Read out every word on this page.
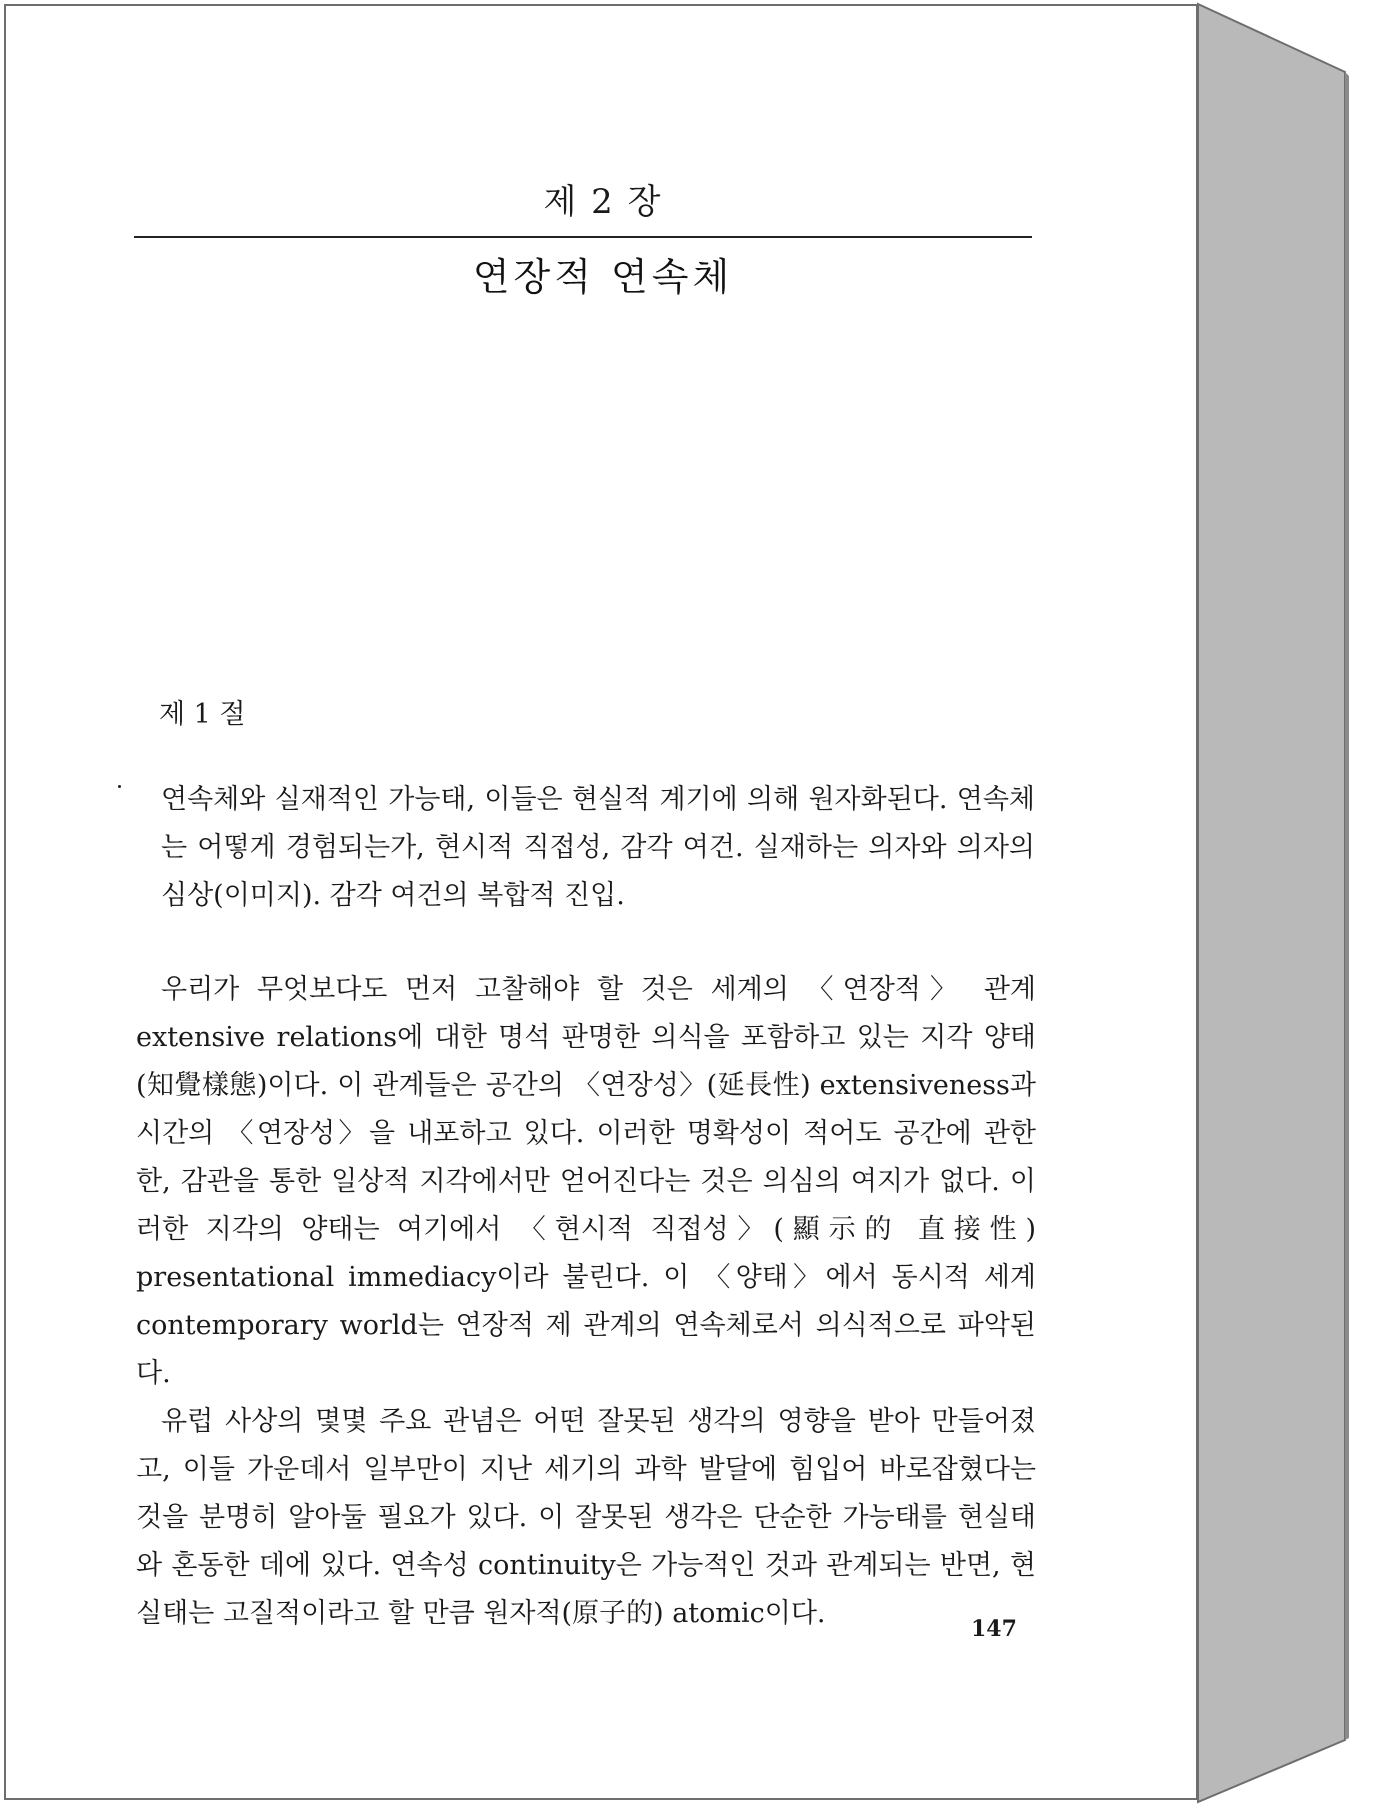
제 2 장
연장적 연속체
제 1 절
연속체와 실재적인 가능태, 이들은 현실적 계기에 의해 원자화된다. 연속체는 어떻게 경험되는가, 현시적 직접성, 감각 여건. 실재하는 의자와 의자의 심상(이미지). 감각 여건의 복합적 진입.

우리가 무엇보다도 먼저 고찰해야 할 것은 세계의 〈연장적〉 관계 extensive relations에 대한 명석 판명한 의식을 포함하고 있는 지각 양태(知覺樣態)이다. 이 관계들은 공간의 〈연장성〉(延長性) extensiveness과 시간의 〈연장성〉을 내포하고 있다. 이러한 명확성이 적어도 공간에 관한 한, 감관을 통한 일상적 지각에서만 얻어진다는 것은 의심의 여지가 없다. 이러한 지각의 양태는 여기에서 〈현시적 직접성〉(顯示的 直接性) presentational immediacy이라 불린다. 이 〈양태〉에서 동시적 세계 contemporary world는 연장적 제 관계의 연속체로서 의식적으로 파악된다.

유럽 사상의 몇몇 주요 관념은 어떤 잘못된 생각의 영향을 받아 만들어졌고, 이들 가운데서 일부만이 지난 세기의 과학 발달에 힘입어 바로잡혔다는 것을 분명히 알아둘 필요가 있다. 이 잘못된 생각은 단순한 가능태를 현실태와 혼동한 데에 있다. 연속성 continuity은 가능적인 것과 관계되는 반면, 현실태는 고질적이라고 할 만큼 원자적(原子的) atomic이다.	147
